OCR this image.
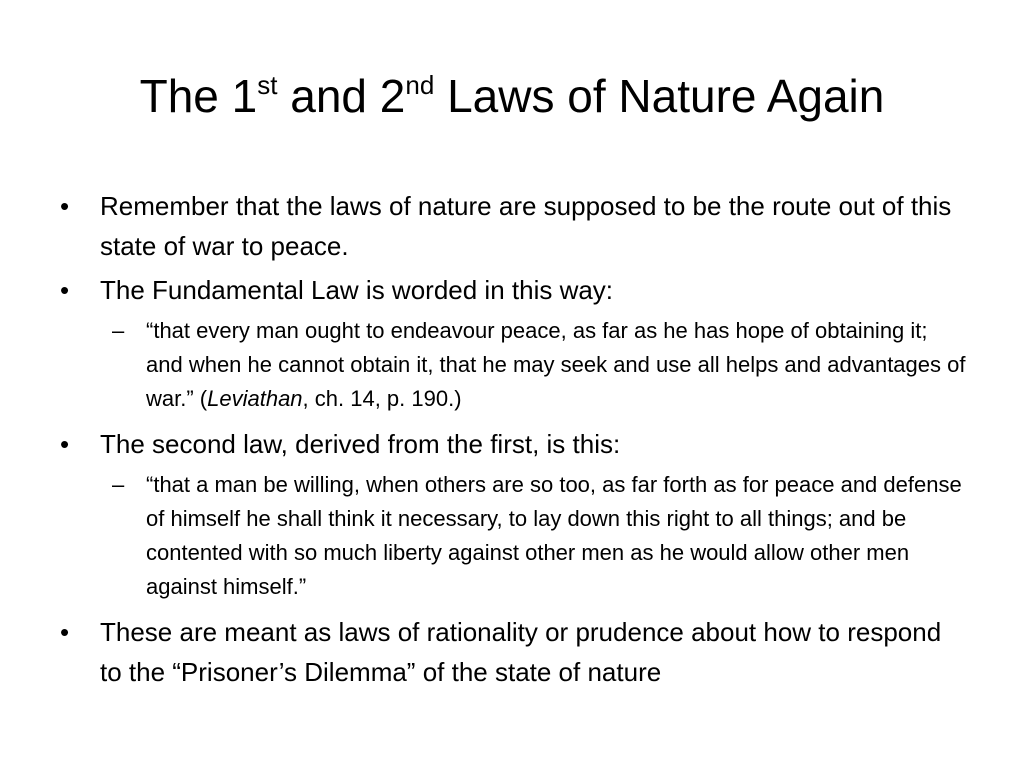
The 1st and 2nd Laws of Nature Again
•	Remember that the laws of nature are supposed to be the route out of this state of war to peace.
•	The Fundamental Law is worded in this way:
– “that every man ought to endeavour peace, as far as he has hope of obtaining it; and when he cannot obtain it, that he may seek and use all helps and advantages of war.” (Leviathan, ch. 14, p. 190.)
•	The second law, derived from the first, is this:
– “that a man be willing, when others are so too, as far forth as for peace and defense of himself he shall think it necessary, to lay down this right to all things; and be contented with so much liberty against other men as he would allow other men against himself.”
•	These are meant as laws of rationality or prudence about how to respond to the “Prisoner’s Dilemma” of the state of nature
